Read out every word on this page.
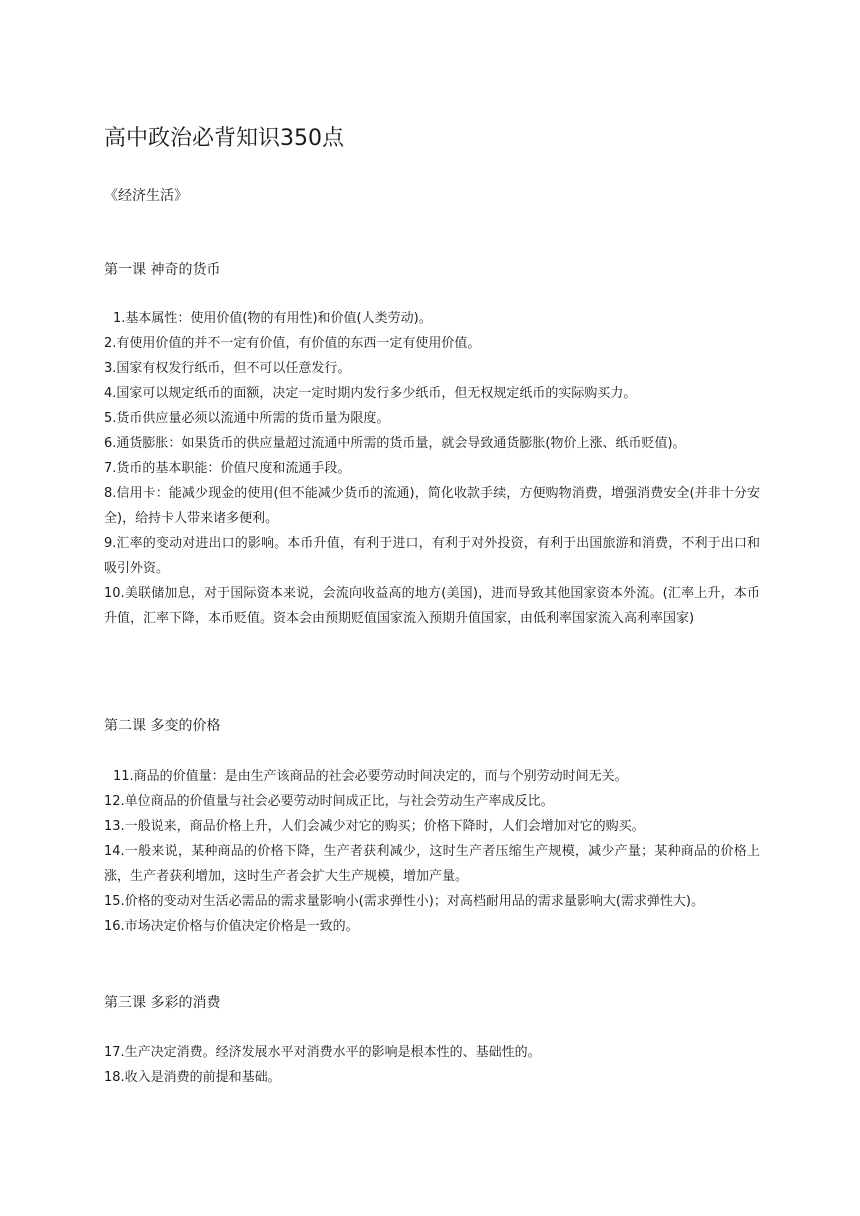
高中政治必背知识350点
《经济生活》
第一课 神奇的货币

1.基本属性：使用价值(物的有用性)和价值(人类劳动)。

2.有使用价值的并不一定有价值，有价值的东西一定有使用价值。

3.国家有权发行纸币，但不可以任意发行。

4.国家可以规定纸币的面额，决定一定时期内发行多少纸币，但无权规定纸币的实际购买力。

5.货币供应量必须以流通中所需的货币量为限度。

6.通货膨胀：如果货币的供应量超过流通中所需的货币量，就会导致通货膨胀(物价上涨、纸币贬值)。

7.货币的基本职能：价值尺度和流通手段。

8.信用卡：能减少现金的使用(但不能减少货币的流通)，简化收款手续，方便购物消费，增强消费安全(并非十分安全)，给持卡人带来诸多便利。

9.汇率的变动对进出口的影响。本币升值，有利于进口，有利于对外投资，有利于出国旅游和消费，不利于出口和吸引外资。

10.美联储加息，对于国际资本来说，会流向收益高的地方(美国)，进而导致其他国家资本外流。(汇率上升，本币升值，汇率下降，本币贬值。资本会由预期贬值国家流入预期升值国家，由低利率国家流入高利率国家)

第二课 多变的价格

11.商品的价值量：是由生产该商品的社会必要劳动时间决定的，而与个别劳动时间无关。

12.单位商品的价值量与社会必要劳动时间成正比，与社会劳动生产率成反比。

13.一般说来，商品价格上升，人们会减少对它的购买；价格下降时，人们会增加对它的购买。

14.一般来说，某种商品的价格下降，生产者获利减少，这时生产者压缩生产规模，减少产量；某种商品的价格上涨，生产者获利增加，这时生产者会扩大生产规模，增加产量。

15.价格的变动对生活必需品的需求量影响小(需求弹性小)；对高档耐用品的需求量影响大(需求弹性大)。

16.市场决定价格与价值决定价格是一致的。

第三课 多彩的消费

17.生产决定消费。经济发展水平对消费水平的影响是根本性的、基础性的。

18.收入是消费的前提和基础。
